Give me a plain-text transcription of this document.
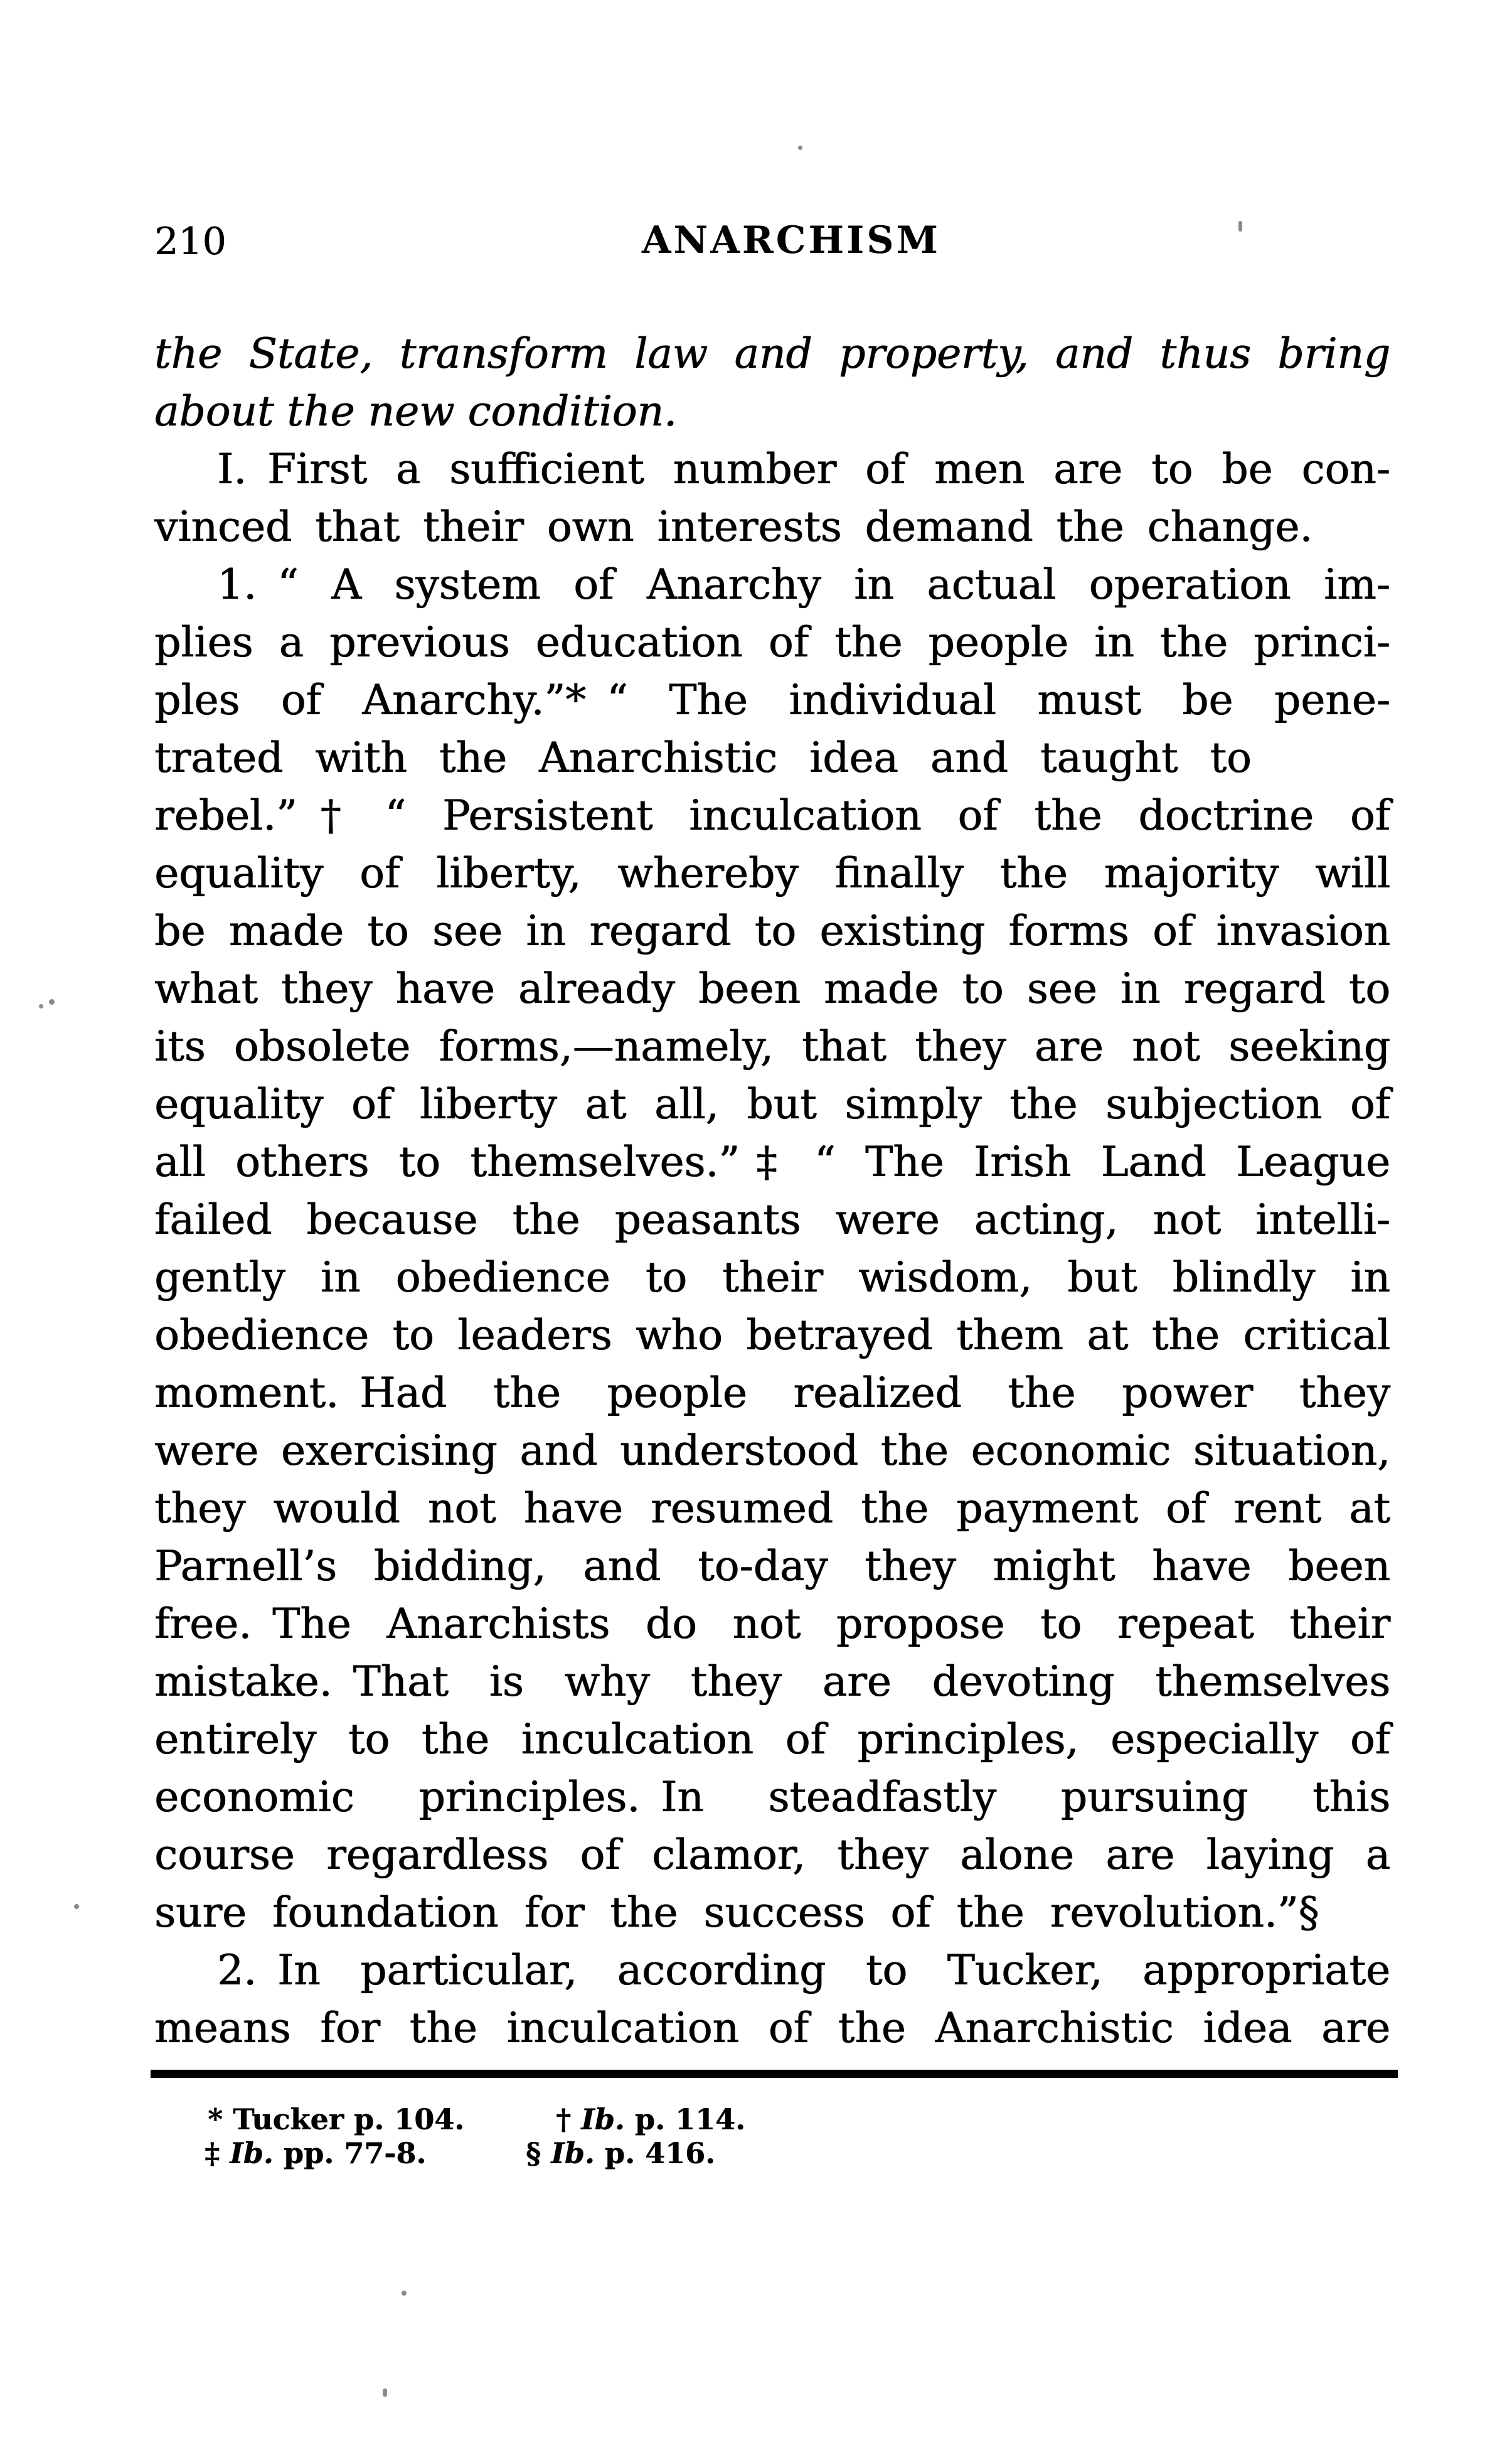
210	ANARCHISM
the State, transform law and property, and thus bring
about the new condition.
I. First a sufficient number of men are to be con-
vinced that their own interests demand the change.
1. “ A system of Anarchy in actual operation im-
plies a previous education of the people in the princi-
ples of Anarchy.”* “ The individual must be pene-
trated with the Anarchistic idea and taught to
rebel.”† “ Persistent inculcation of the doctrine of
equality of liberty, whereby finally the majority will
be made to see in regard to existing forms of invasion
what they have already been made to see in regard to
its obsolete forms,—namely, that they are not seeking
equality of liberty at all, but simply the subjection of
all others to themselves.”‡ “ The Irish Land League
failed because the peasants were acting, not intelli-
gently in obedience to their wisdom, but blindly in
obedience to leaders who betrayed them at the critical
moment. Had the people realized the power they
were exercising and understood the economic situation,
they would not have resumed the payment of rent at
Parnell’s bidding, and to-day they might have been
free. The Anarchists do not propose to repeat their
mistake. That is why they are devoting themselves
entirely to the inculcation of principles, especially of
economic principles. In steadfastly pursuing this
course regardless of clamor, they alone are laying a
sure foundation for the success of the revolution.”§
2. In particular, according to Tucker, appropriate
means for the inculcation of the Anarchistic idea are
* Tucker p. 104.	† Ib. p. 114.
‡ Ib. pp. 77-8.	§ Ib. p. 416.
